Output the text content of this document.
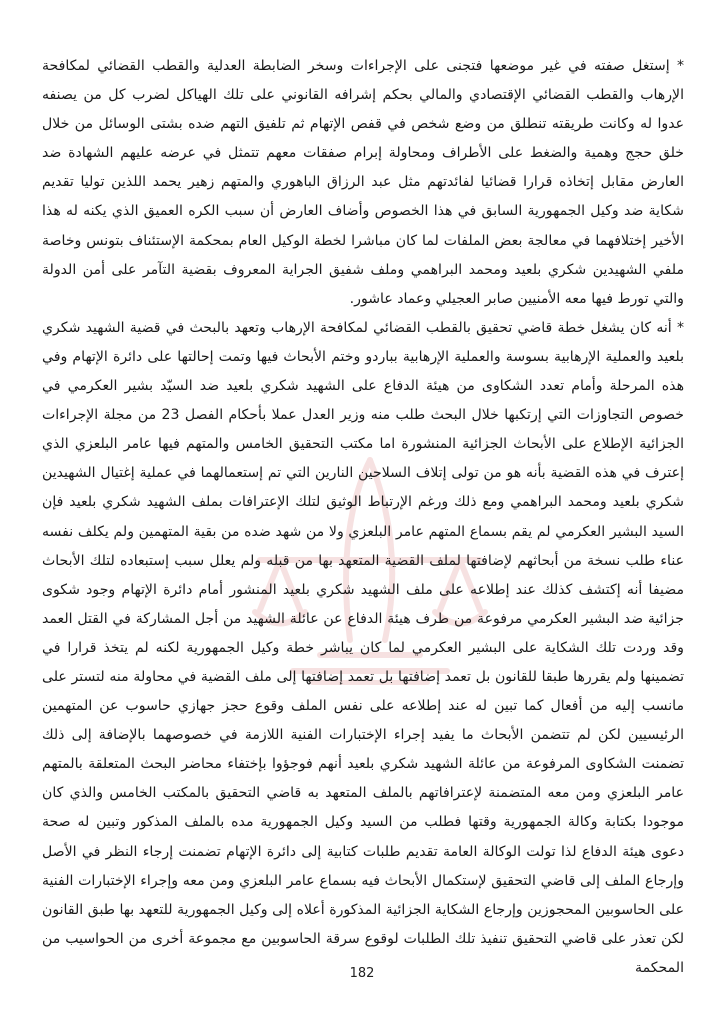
* إستغل صفته في غير موضعها فتجنى على الإجراءات وسخر الضابطة العدلية والقطب القضائي لمكافحة الإرهاب والقطب القضائي الإقتصادي والمالي بحكم إشرافه القانوني على تلك الهياكل لضرب كل من يصنفه عدوا له وكانت طريقته تنطلق من وضع شخص في قفص الإتهام ثم تلفيق التهم ضده بشتى الوسائل من خلال خلق حجج وهمية والضغط على الأطراف ومحاولة إبرام صفقات معهم تتمثل في عرضه عليهم الشهادة ضد العارض مقابل إتخاذه قرارا قضائيا لفائدتهم مثل عبد الرزاق الباهوري والمتهم زهير يحمد اللذين توليا تقديم شكاية ضد وكيل الجمهورية السابق في هذا الخصوص وأضاف العارض أن سبب الكره العميق الذي يكنه له هذا الأخير إختلافهما في معالجة بعض الملفات لما كان مباشرا لخطة الوكيل العام بمحكمة الإستئناف بتونس وخاصة ملفي الشهيدين شكري بلعيد ومحمد البراهمي وملف شفيق الجراية المعروف بقضية التآمر على أمن الدولة والتي تورط فيها معه الأمنيين صابر العجيلي وعماد عاشور.

* أنه كان يشغل خطة قاضي تحقيق بالقطب القضائي لمكافحة الإرهاب وتعهد بالبحث في قضية الشهيد شكري بلعيد والعملية الإرهابية بسوسة والعملية الإرهابية بباردو وختم الأبحاث فيها وتمت إحالتها على دائرة الإتهام وفي هذه المرحلة وأمام تعدد الشكاوى من هيئة الدفاع على الشهيد شكري بلعيد ضد السيّد بشير العكرمي في خصوص التجاوزات التي إرتكبها خلال البحث طلب منه وزير العدل عملا بأحكام الفصل 23 من مجلة الإجراءات الجزائية الإطلاع على الأبحاث الجزائية المنشورة اما مكتب التحقيق الخامس والمتهم فيها عامر البلعزي الذي إعترف في هذه القضية بأنه هو من تولى إتلاف السلاحين النارين التي تم إستعمالهما في عملية إغتيال الشهيدين شكري بلعيد ومحمد البراهمي ومع ذلك ورغم الإرتباط الوثيق لتلك الإعترافات بملف الشهيد شكري بلعيد فإن السيد البشير العكرمي لم يقم بسماع المتهم عامر البلعزي ولا من شهد ضده من بقية المتهمين ولم يكلف نفسه عناء طلب نسخة من أبحاثهم لإضافتها لملف القضية المتعهد بها من قبله ولم يعلل سبب إستبعاده لتلك الأبحاث مضيفا أنه إكتشف كذلك عند إطلاعه على ملف الشهيد شكري بلعيد المنشور أمام دائرة الإتهام وجود شكوى جزائية ضد البشير العكرمي مرفوعة من طرف هيئة الدفاع عن عائلة الشهيد من أجل المشاركة في القتل العمد وقد وردت تلك الشكاية على البشير العكرمي لما كان يباشر خطة وكيل الجمهورية لكنه لم يتخذ قرارا في تضمينها ولم يقررها طبقا للقانون بل تعمد إضافتها بل تعمد إضافتها إلى ملف القضية في محاولة منه لتستر على مانسب إليه من أفعال كما تبين له عند إطلاعه على نفس الملف وقوع حجز جهازي حاسوب عن المتهمين الرئيسيين لكن لم تتضمن الأبحاث ما يفيد إجراء الإختبارات الفنية اللازمة في خصوصهما بالإضافة إلى ذلك تضمنت الشكاوى المرفوعة من عائلة الشهيد شكري بلعيد أنهم فوجؤوا بإختفاء محاضر البحث المتعلقة بالمتهم عامر البلعزي ومن معه المتضمنة لإعترافاتهم بالملف المتعهد به قاضي التحقيق بالمكتب الخامس والذي كان موجودا بكتابة وكالة الجمهورية وقتها فطلب من السيد وكيل الجمهورية مده بالملف المذكور وتبين له صحة دعوى هيئة الدفاع لذا تولت الوكالة العامة تقديم طلبات كتابية إلى دائرة الإتهام تضمنت إرجاء النظر في الأصل وإرجاع الملف إلى قاضي التحقيق لإستكمال الأبحاث فيه بسماع عامر البلعزي ومن معه وإجراء الإختبارات الفنية على الحاسوبين المحجوزين وإرجاع الشكاية الجزائية المذكورة أعلاه إلى وكيل الجمهورية للتعهد بها طبق القانون لكن تعذر على قاضي التحقيق تنفيذ تلك الطلبات لوقوع سرقة الحاسوبين مع مجموعة أخرى من الحواسيب من المحكمة

182
